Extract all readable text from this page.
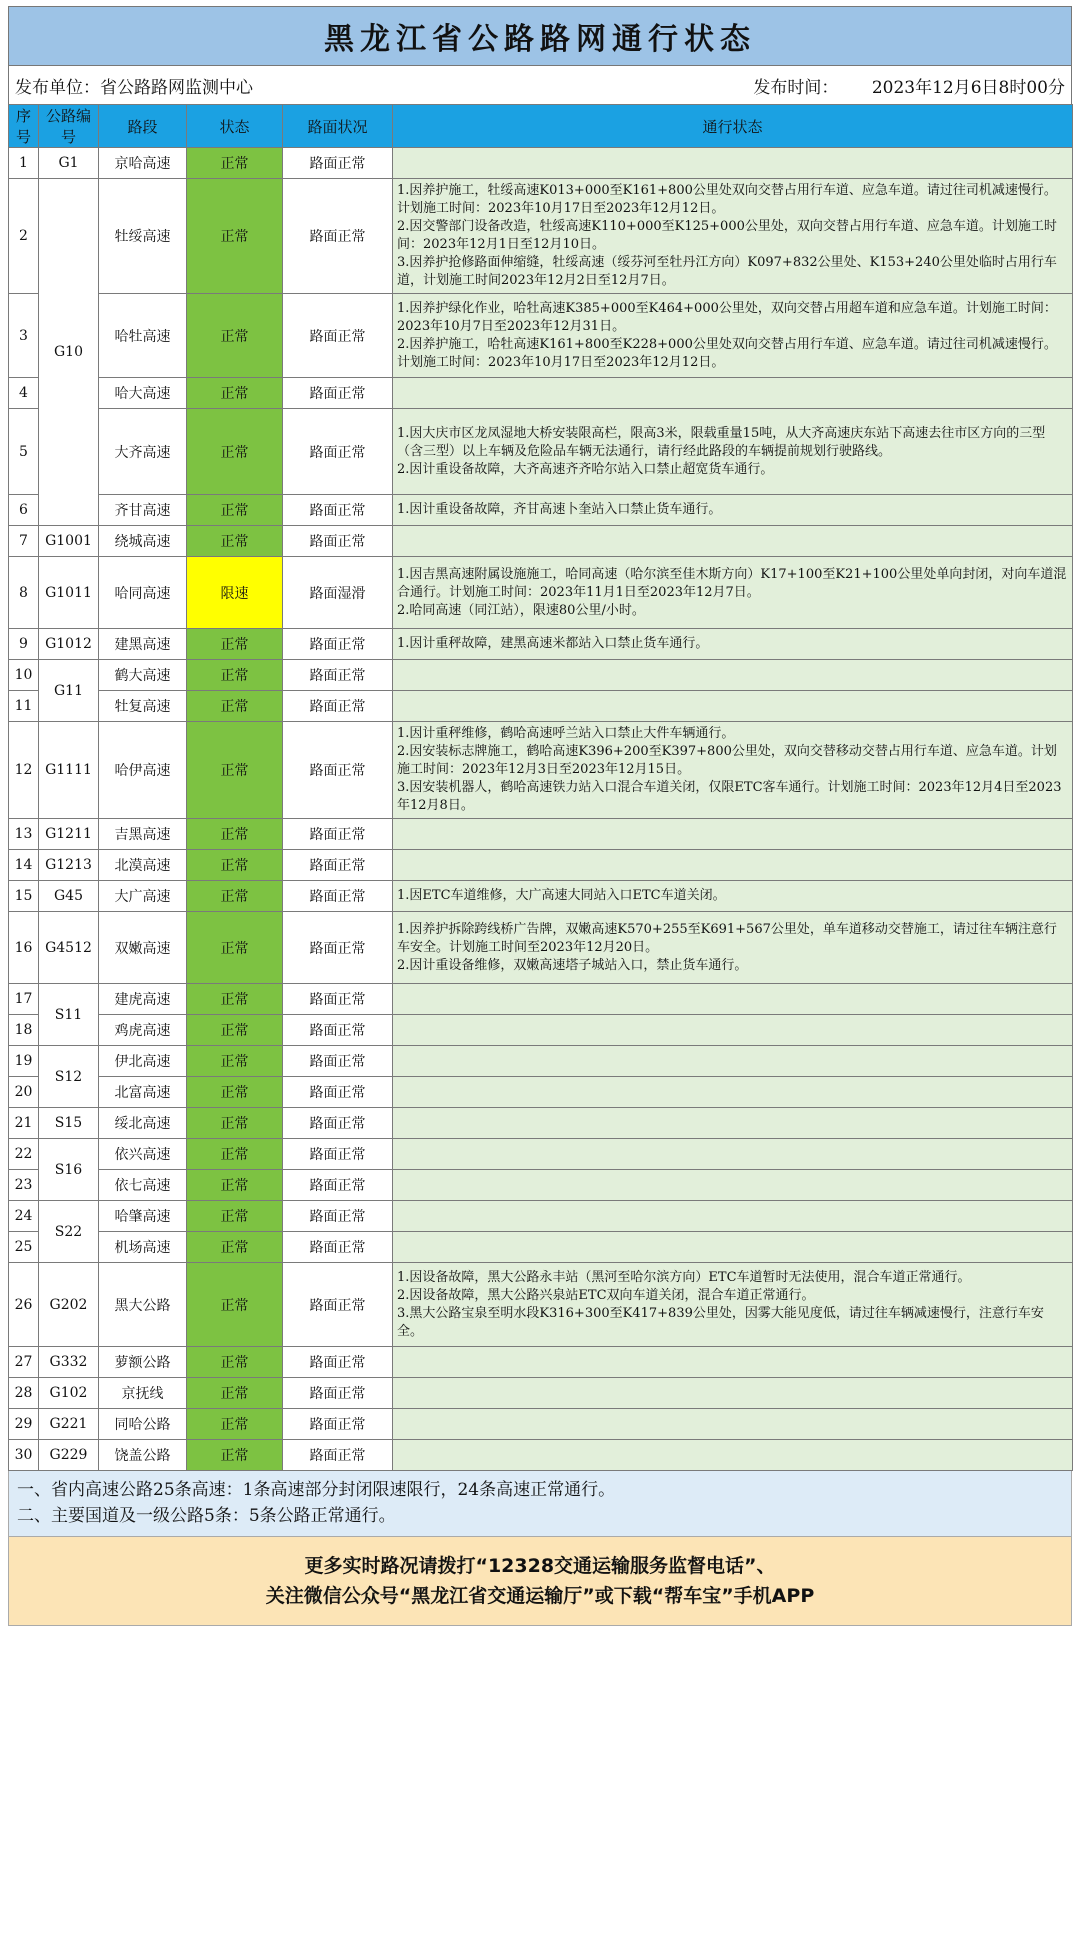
黑龙江省公路路网通行状态
发布单位：省公路路网监测中心	发布时间： 2023年12月6日8时00分
序号	公路编号	路段	状态	路面状况	通行状态
1	G1	京哈高速	正常	路面正常	
2	G10	牡绥高速	正常	路面正常	1.因养护施工，牡绥高速K013+000至K161+800公里处双向交替占用行车道、应急车道。请过往司机减速慢行。计划施工时间：2023年10月17日至2023年12月12日。
2.因交警部门设备改造，牡绥高速K110+000至K125+000公里处，双向交替占用行车道、应急车道。计划施工时间：2023年12月1日至12月10日。
3.因养护抢修路面伸缩缝，牡绥高速（绥芬河至牡丹江方向）K097+832公里处、K153+240公里处临时占用行车道，计划施工时间2023年12月2日至12月7日。

3		哈牡高速	正常	路面正常	1.因养护绿化作业，哈牡高速K385+000至K464+000公里处，双向交替占用超车道和应急车道。计划施工时间：2023年10月7日至2023年12月31日。
2.因养护施工，哈牡高速K161+800至K228+000公里处双向交替占用行车道、应急车道。请过往司机减速慢行。计划施工时间：2023年10月17日至2023年12月12日。

4		哈大高速	正常	路面正常	
5		大齐高速	正常	路面正常	1.因大庆市区龙凤湿地大桥安装限高栏，限高3米，限载重量15吨，从大齐高速庆东站下高速去往市区方向的三型（含三型）以上车辆及危险品车辆无法通行，请行经此路段的车辆提前规划行驶路线。
2.因计重设备故障，大齐高速齐齐哈尔站入口禁止超宽货车通行。

6		齐甘高速	正常	路面正常	1.因计重设备故障，齐甘高速卜奎站入口禁止货车通行。

7	G1001	绕城高速	正常	路面正常	
8	G1011	哈同高速	限速	路面湿滑	1.因吉黑高速附属设施施工，哈同高速（哈尔滨至佳木斯方向）K17+100至K21+100公里处单向封闭，对向车道混合通行。计划施工时间：2023年11月1日至2023年12月7日。
2.哈同高速（同江站），限速80公里/小时。

9	G1012	建黑高速	正常	路面正常	1.因计重秤故障，建黑高速米都站入口禁止货车通行。

10	G11	鹤大高速	正常	路面正常	
11		牡复高速	正常	路面正常	
12	G1111	哈伊高速	正常	路面正常	1.因计重秤维修，鹤哈高速呼兰站入口禁止大件车辆通行。
2.因安装标志牌施工，鹤哈高速K396+200至K397+800公里处，双向交替移动交替占用行车道、应急车道。计划施工时间：2023年12月3日至2023年12月15日。
3.因安装机器人，鹤哈高速铁力站入口混合车道关闭，仅限ETC客车通行。计划施工时间：2023年12月4日至2023年12月8日。

13	G1211	吉黑高速	正常	路面正常	
14	G1213	北漠高速	正常	路面正常	
15	G45	大广高速	正常	路面正常	1.因ETC车道维修，大广高速大同站入口ETC车道关闭。

16	G4512	双嫩高速	正常	路面正常	1.因养护拆除跨线桥广告牌，双嫩高速K570+255至K691+567公里处，单车道移动交替施工，请过往车辆注意行车安全。计划施工时间至2023年12月20日。
2.因计重设备维修，双嫩高速塔子城站入口，禁止货车通行。

17	S11	建虎高速	正常	路面正常	
18		鸡虎高速	正常	路面正常	
19	S12	伊北高速	正常	路面正常	
20		北富高速	正常	路面正常	
21	S15	绥北高速	正常	路面正常	
22	S16	依兴高速	正常	路面正常	
23		依七高速	正常	路面正常	
24	S22	哈肇高速	正常	路面正常	
25		机场高速	正常	路面正常	
26	G202	黑大公路	正常	路面正常	1.因设备故障，黑大公路永丰站（黑河至哈尔滨方向）ETC车道暂时无法使用，混合车道正常通行。
2.因设备故障，黑大公路兴泉站ETC双向车道关闭，混合车道正常通行。
3.黑大公路宝泉至明水段K316+300至K417+839公里处，因雾大能见度低，请过往车辆减速慢行，注意行车安全。

27	G332	萝额公路	正常	路面正常	
28	G102	京抚线	正常	路面正常	
29	G221	同哈公路	正常	路面正常	
30	G229	饶盖公路	正常	路面正常	
一、省内高速公路25条高速：1条高速部分封闭限速限行，24条高速正常通行。
二、主要国道及一级公路5条：5条公路正常通行。
更多实时路况请拨打“12328交通运输服务监督电话”、
关注微信公众号“黑龙江省交通运输厅”或下载“帮车宝”手机APP
